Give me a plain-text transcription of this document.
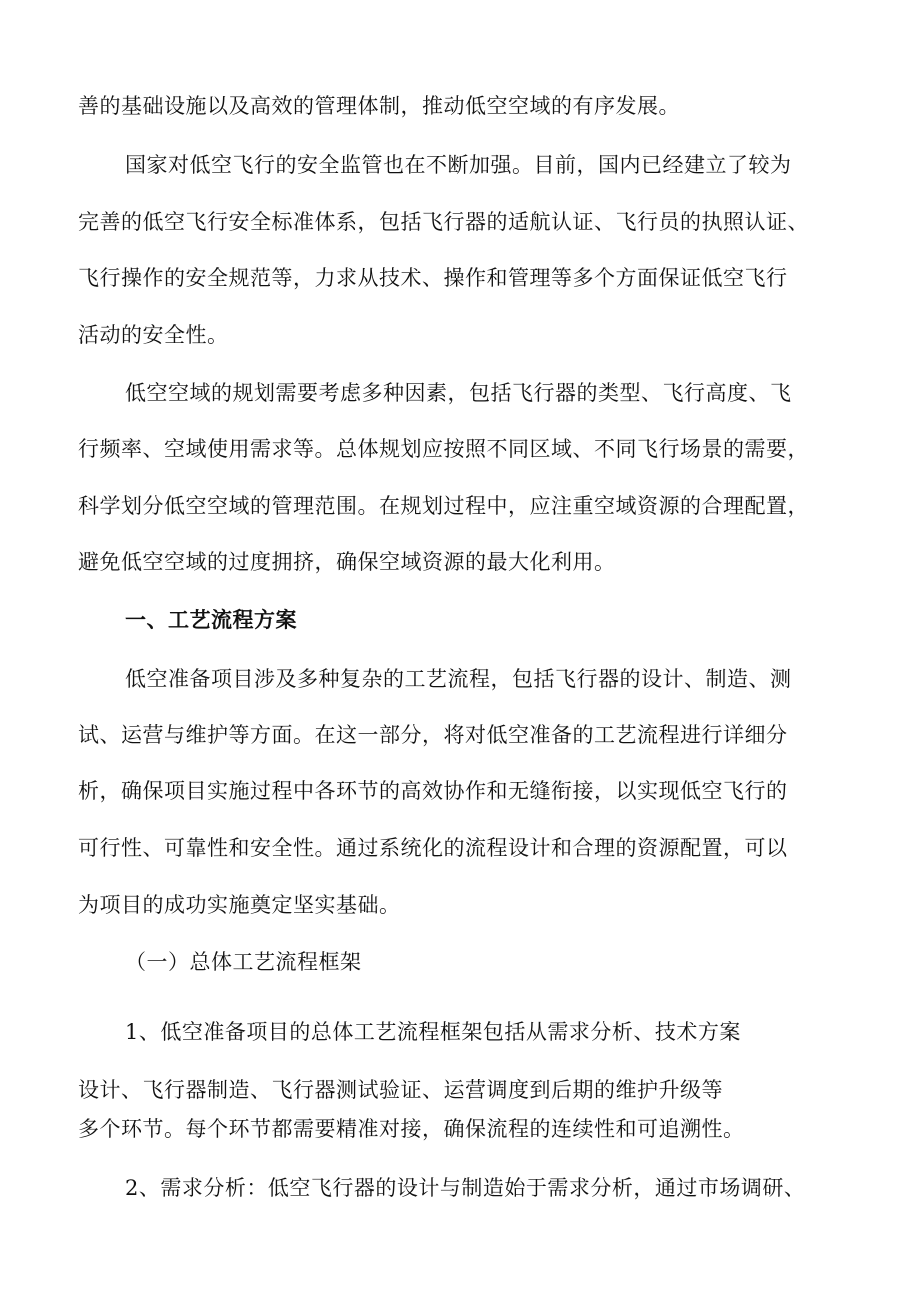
善的基础设施以及高效的管理体制，推动低空空域的有序发展。
国家对低空飞行的安全监管也在不断加强。目前，国内已经建立了较为
完善的低空飞行安全标准体系，包括飞行器的适航认证、飞行员的执照认证、
飞行操作的安全规范等，力求从技术、操作和管理等多个方面保证低空飞行
活动的安全性。
低空空域的规划需要考虑多种因素，包括飞行器的类型、飞行高度、飞
行频率、空域使用需求等。总体规划应按照不同区域、不同飞行场景的需要，
科学划分低空空域的管理范围。在规划过程中，应注重空域资源的合理配置，
避免低空空域的过度拥挤，确保空域资源的最大化利用。
一、工艺流程方案
低空准备项目涉及多种复杂的工艺流程，包括飞行器的设计、制造、测
试、运营与维护等方面。在这一部分，将对低空准备的工艺流程进行详细分
析，确保项目实施过程中各环节的高效协作和无缝衔接，以实现低空飞行的
可行性、可靠性和安全性。通过系统化的流程设计和合理的资源配置，可以
为项目的成功实施奠定坚实基础。
（一）总体工艺流程框架
1、低空准备项目的总体工艺流程框架包括从需求分析、技术方案
设计、飞行器制造、飞行器测试验证、运营调度到后期的维护升级等
多个环节。每个环节都需要精准对接，确保流程的连续性和可追溯性。
2、需求分析：低空飞行器的设计与制造始于需求分析，通过市场调研、
